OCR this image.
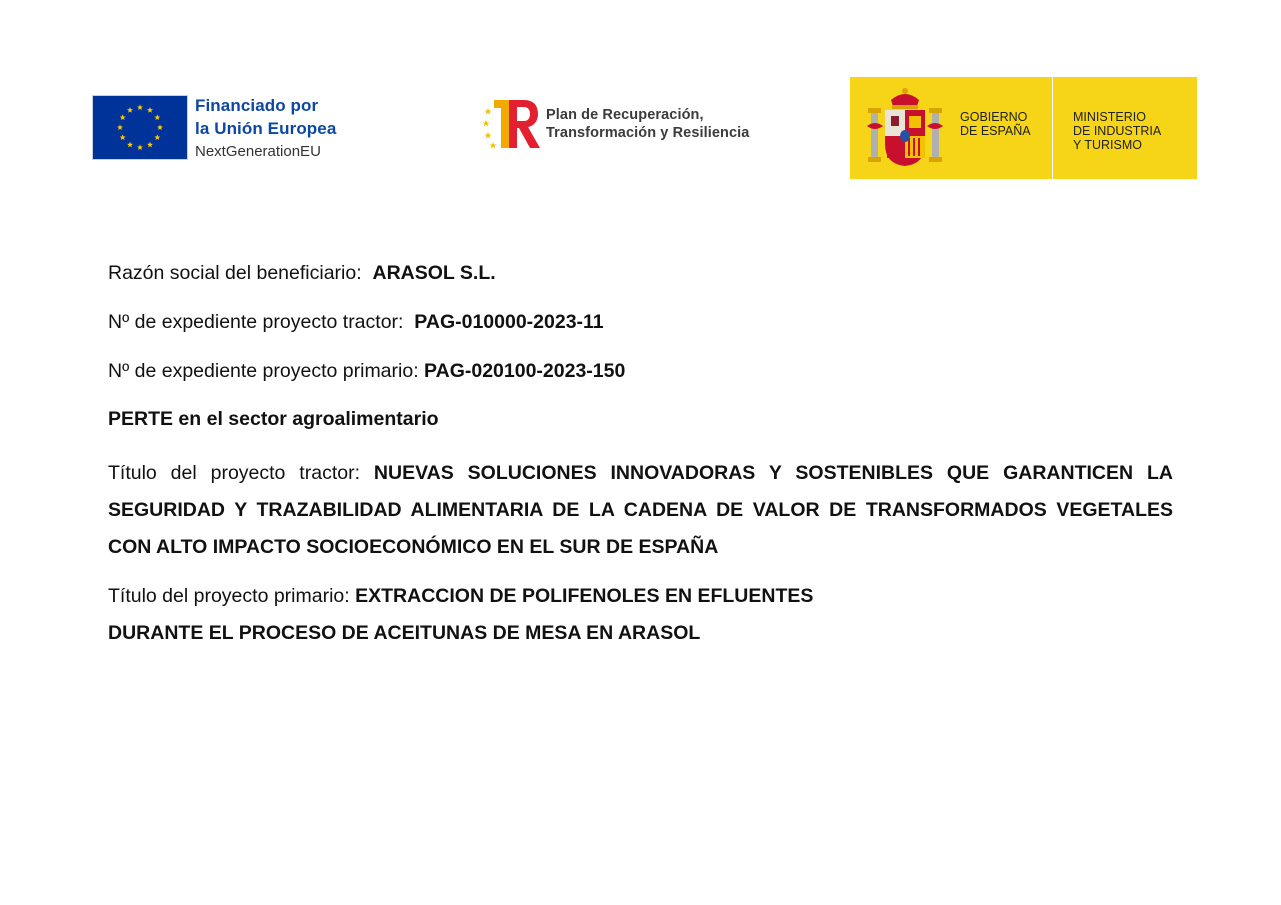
Financiado por
la Unión Europea
NextGenerationEU
Plan de Recuperación,
Transformación y Resiliencia
GOBIERNO
DE ESPAÑA
MINISTERIO
DE INDUSTRIA
Y TURISMO

Razón social del beneficiario: ARASOL S.L.

Nº de expediente proyecto tractor: PAG-010000-2023-11

Nº de expediente proyecto primario: PAG-020100-2023-150

PERTE en el sector agroalimentario

Título del proyecto tractor: NUEVAS SOLUCIONES INNOVADORAS Y SOSTENIBLES QUE GARANTICEN LA SEGURIDAD Y TRAZABILIDAD ALIMENTARIA DE LA CADENA DE VALOR DE TRANSFORMADOS VEGETALES CON ALTO IMPACTO SOCIOECONÓMICO EN EL SUR DE ESPAÑA

Título del proyecto primario: EXTRACCION DE POLIFENOLES EN EFLUENTES
DURANTE EL PROCESO DE ACEITUNAS DE MESA EN ARASOL
